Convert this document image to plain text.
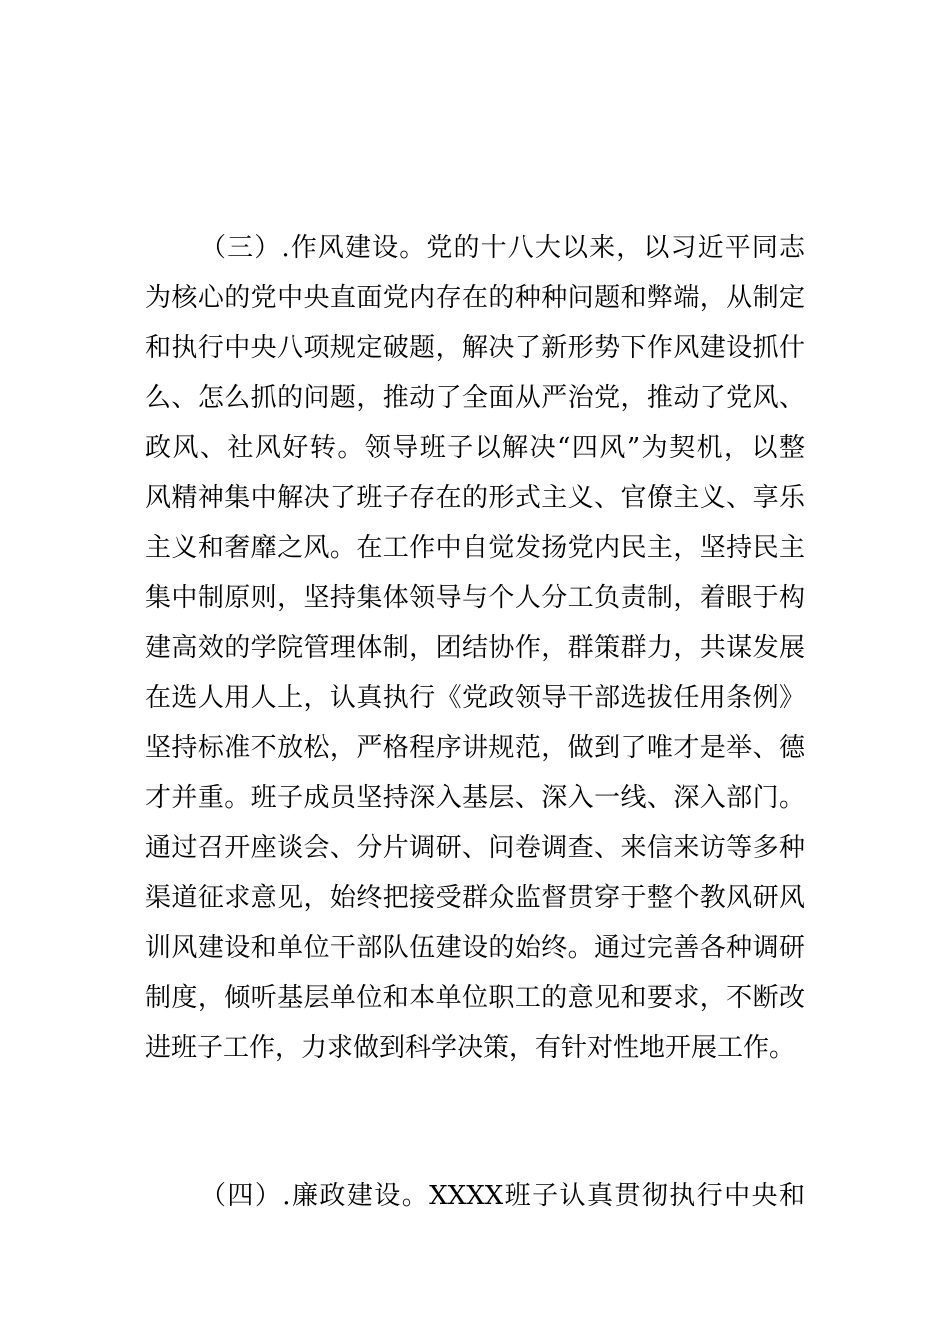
（三）.作风建设。党的十八大以来，以习近平同志
为核心的党中央直面党内存在的种种问题和弊端，从制定
和执行中央八项规定破题，解决了新形势下作风建设抓什
么、怎么抓的问题，推动了全面从严治党，推动了党风、
政风、社风好转。领导班子以解决“四风”为契机，以整
风精神集中解决了班子存在的形式主义、官僚主义、享乐
主义和奢靡之风。在工作中自觉发扬党内民主，坚持民主
集中制原则，坚持集体领导与个人分工负责制，着眼于构
建高效的学院管理体制，团结协作，群策群力，共谋发展
在选人用人上，认真执行《党政领导干部选拔任用条例》
坚持标准不放松，严格程序讲规范，做到了唯才是举、德
才并重。班子成员坚持深入基层、深入一线、深入部门。
通过召开座谈会、分片调研、问卷调查、来信来访等多种
渠道征求意见，始终把接受群众监督贯穿于整个教风研风
训风建设和单位干部队伍建设的始终。通过完善各种调研
制度，倾听基层单位和本单位职工的意见和要求，不断改
进班子工作，力求做到科学决策，有针对性地开展工作。
（四）.廉政建设。XXXX班子认真贯彻执行中央和
